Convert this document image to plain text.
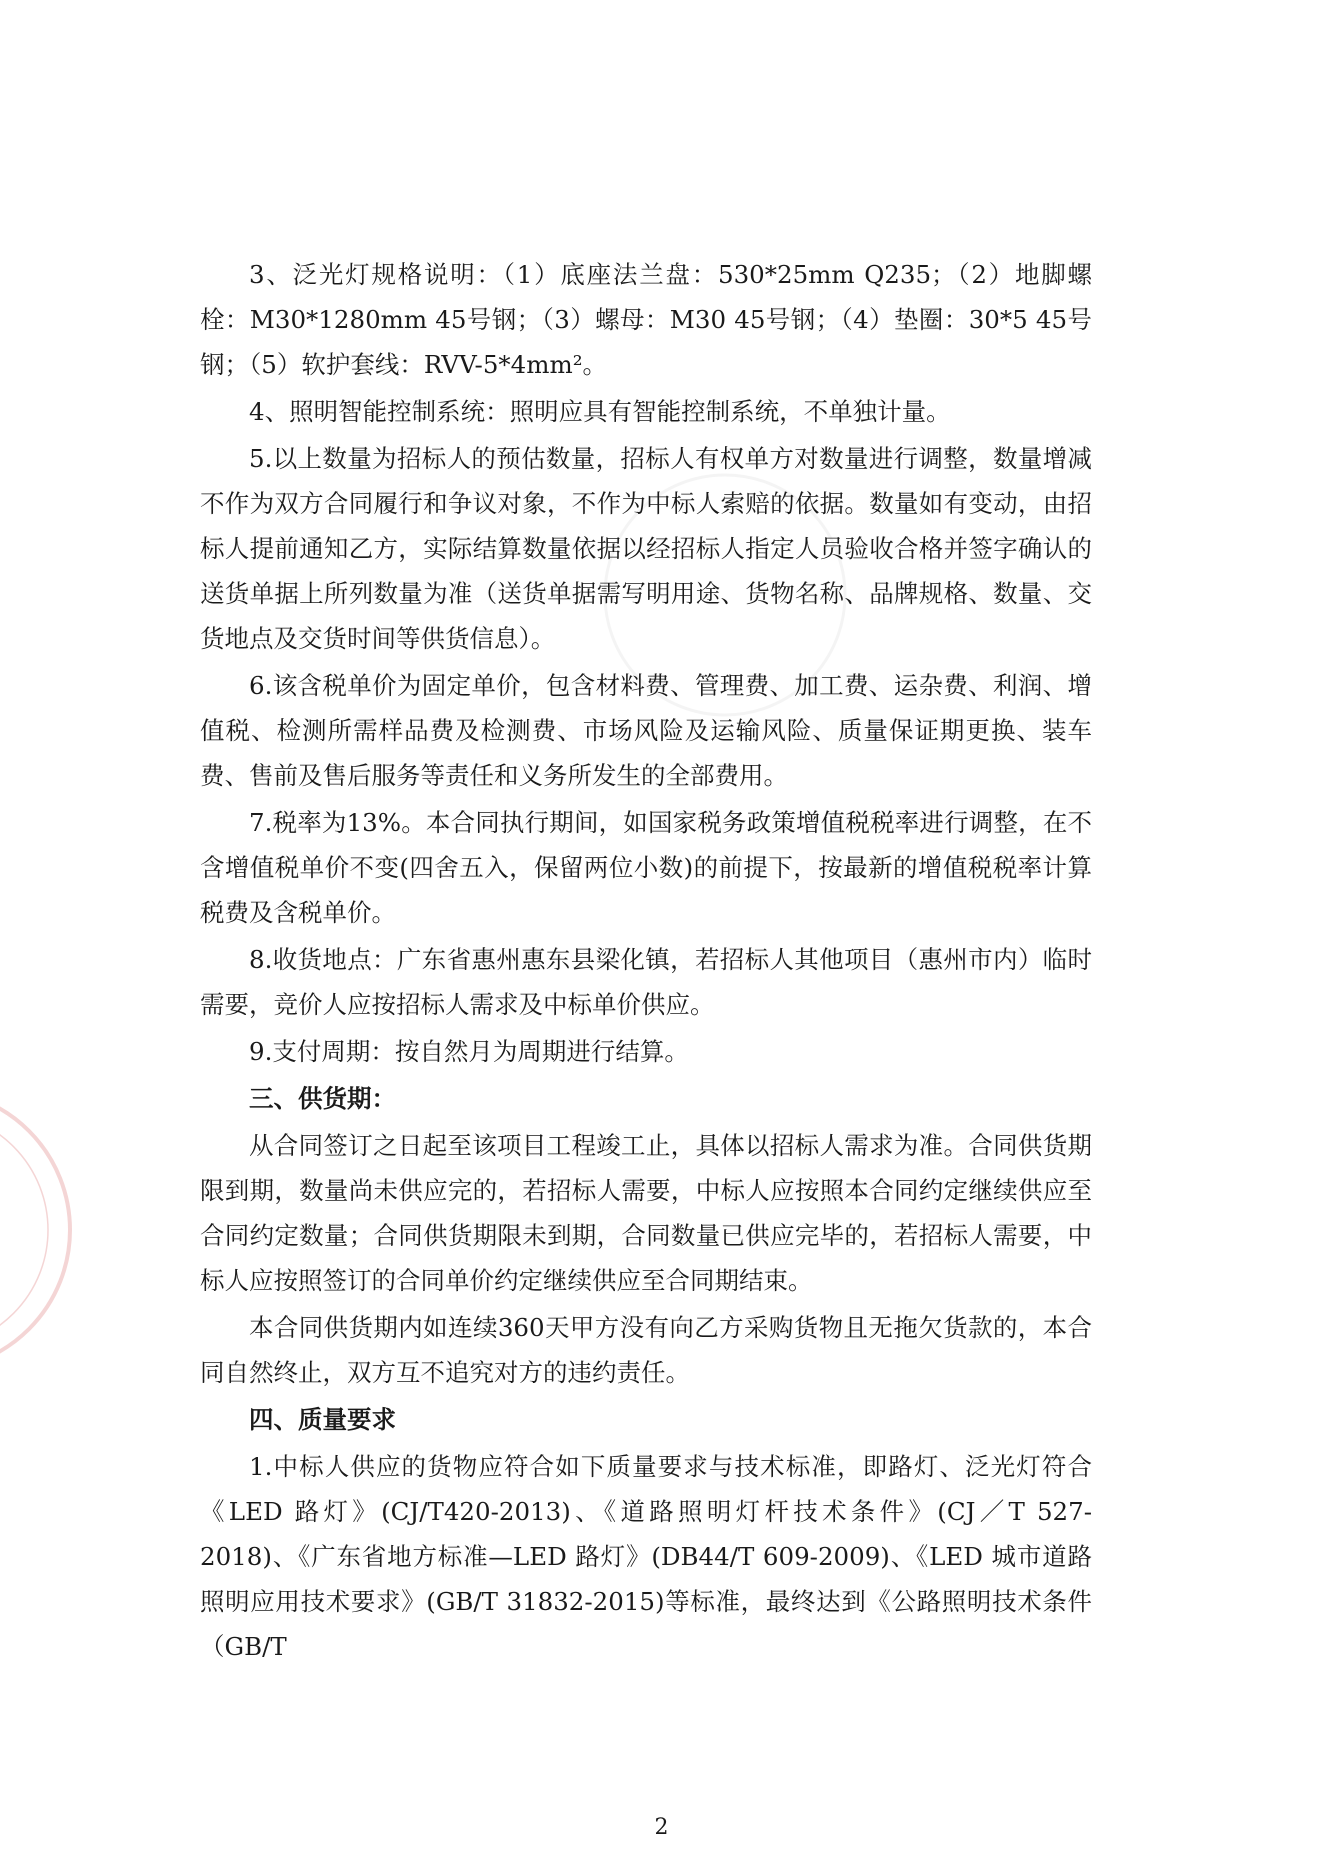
3、泛光灯规格说明：（1）底座法兰盘：530*25mm Q235；（2）地脚螺栓：M30*1280mm 45号钢；（3）螺母：M30 45号钢；（4）垫圈：30*5 45号钢；（5）软护套线：RVV-5*4mm²。

4、照明智能控制系统：照明应具有智能控制系统，不单独计量。

5.以上数量为招标人的预估数量，招标人有权单方对数量进行调整，数量增减不作为双方合同履行和争议对象，不作为中标人索赔的依据。数量如有变动，由招标人提前通知乙方，实际结算数量依据以经招标人指定人员验收合格并签字确认的送货单据上所列数量为准（送货单据需写明用途、货物名称、品牌规格、数量、交货地点及交货时间等供货信息）。

6.该含税单价为固定单价，包含材料费、管理费、加工费、运杂费、利润、增值税、检测所需样品费及检测费、市场风险及运输风险、质量保证期更换、装车费、售前及售后服务等责任和义务所发生的全部费用。

7.税率为13%。本合同执行期间，如国家税务政策增值税税率进行调整，在不含增值税单价不变(四舍五入，保留两位小数)的前提下，按最新的增值税税率计算税费及含税单价。

8.收货地点：广东省惠州惠东县梁化镇，若招标人其他项目（惠州市内）临时需要，竞价人应按招标人需求及中标单价供应。

9.支付周期：按自然月为周期进行结算。

三、供货期：

从合同签订之日起至该项目工程竣工止，具体以招标人需求为准。合同供货期限到期，数量尚未供应完的，若招标人需要，中标人应按照本合同约定继续供应至合同约定数量；合同供货期限未到期，合同数量已供应完毕的，若招标人需要，中标人应按照签订的合同单价约定继续供应至合同期结束。

本合同供货期内如连续360天甲方没有向乙方采购货物且无拖欠货款的，本合同自然终止，双方互不追究对方的违约责任。

四、质量要求

1.中标人供应的货物应符合如下质量要求与技术标准，即路灯、泛光灯符合《LED 路灯》(CJ/T420-2013)、《道路照明灯杆技术条件》(CJ／T 527-2018)、《广东省地方标准—LED 路灯》(DB44/T 609-2009)、《LED 城市道路照明应用技术要求》(GB/T 31832-2015)等标准，最终达到《公路照明技术条件（GB/T

2
